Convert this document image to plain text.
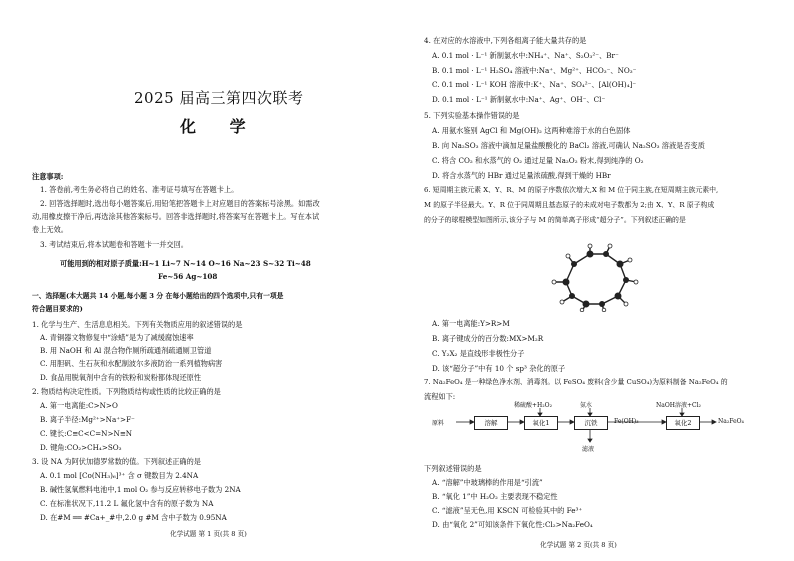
2025 届高三第四次联考
化 学
注意事项:
1. 答卷前,考生务必将自己的姓名、准考证号填写在答题卡上。
2. 回答选择题时,选出每小题答案后,用铅笔把答题卡上对应题目的答案标号涂黑。如需改
动,用橡皮擦干净后,再选涂其他答案标号。回答非选择题时,将答案写在答题卡上。写在本试
卷上无效。
3. 考试结束后,将本试题卷和答题卡一并交回。
可能用到的相对原子质量:H~1 Li~7 N~14 O~16 Na~23 S~32 Ti~48
Fe~56 Ag~108
一、选择题(本大题共 14 小题,每小题 3 分 在每小题给出的四个选项中,只有一项是
符合题目要求的)
1. 化学与生产、生活息息相关。下列有关物质应用的叙述错误的是
A. 青铜器文物修复中“涂蜡”是为了减缓腐蚀速率
B. 用 NaOH 和 Al 混合物作厕所疏通剂疏通厕卫管道
C. 用胆矾、生石灰和水配制波尔多液防治一系列植物病害
D. 食品用脱氧剂中含有的铁粉和炭粉都体现还原性
2. 物质结构决定性质。下列物质结构或性质的比较正确的是
A. 第一电离能:C>N>O
B. 离子半径:Mg²⁺>Na⁺>F⁻
C. 键长:C≡C<C=N>N≡N
D. 键角:CO₂>CH₄>SO₃
3. 设 NA 为阿伏加德罗常数的值。下列叙述正确的是
A. 0.1 mol [Co(NH₃)₆]³⁺ 含 σ 键数目为 2.4NA
B. 碱性氢氧燃料电池中,1 mol O₂ 参与反应转移电子数为 2NA
C. 在标准状况下,11.2 L 氟化氢中含有的原子数为 NA
D. 在#M ══ #Ca+_#中,2.0 g #M 含中子数为 0.95NA
化学试题 第 1 页(共 8 页)
4. 在对应的水溶液中,下列各组离子能大量共存的是
A. 0.1 mol · L⁻¹ 新制氯水中:NH₄⁺、Na⁺、S₂O₃²⁻、Br⁻
B. 0.1 mol · L⁻¹ H₂SO₄ 溶液中:Na⁺、Mg²⁺、HCO₃⁻、NO₃⁻
C. 0.1 mol · L⁻¹ KOH 溶液中:K⁺、Na⁺、SO₄²⁻、[Al(OH)₄]⁻
D. 0.1 mol · L⁻¹ 新制氨水中:Na⁺、Ag⁺、OH⁻、Cl⁻
5. 下列实验基本操作错误的是
A. 用氨水鉴别 AgCl 和 Mg(OH)₂ 这两种难溶于水的白色固体
B. 向 Na₂SO₃ 溶液中滴加足量盐酸酸化的 BaCl₂ 溶液,可确认 Na₂SO₃ 溶液是否变质
C. 将含 CO₂ 和水蒸气的 O₂ 通过足量 Na₂O₂ 粉末,得到纯净的 O₂
D. 将含水蒸气的 HBr 通过足量浓硫酸,得到干燥的 HBr
6. 短周期主族元素 X、Y、R、M 的原子序数依次增大,X 和 M 位于同主族,在短周期主族元素中,
M 的原子半径最大。Y、R 位于同周期且基态原子的未成对电子数都为 2;由 X、Y、R 原子构成
的分子的球棍模型如图所示,该分子与 M 的简单离子形成“超分子”。下列叙述正确的是
A. 第一电离能:Y>R>M
B. 离子键成分的百分数:MX>M₂R
C. Y₂X₂ 是直线形非极性分子
D. 该“超分子”中有 10 个 sp³ 杂化的原子
7. Na₂FeO₄ 是一种绿色净水剂、消毒剂。以 FeSO₄ 废料(含少量 CuSO₄)为原料制备 Na₂FeO₄ 的
流程如下:
稀硫酸+H₂O₂	氨水	NaOH溶液+Cl₂
原料	溶解	氧化1	沉铁	Fe(OH)₃	氧化2	Na₂FeO₄
滤液
下列叙述错误的是
A. “溶解”中玻璃棒的作用是“引流”
B. “氧化 1”中 H₂O₂ 主要表现不稳定性
C. “滤液”呈无色,用 KSCN 可检验其中的 Fe³⁺
D. 由“氧化 2”可知该条件下氧化性:Cl₂>Na₂FeO₄
化学试题 第 2 页(共 8 页)
